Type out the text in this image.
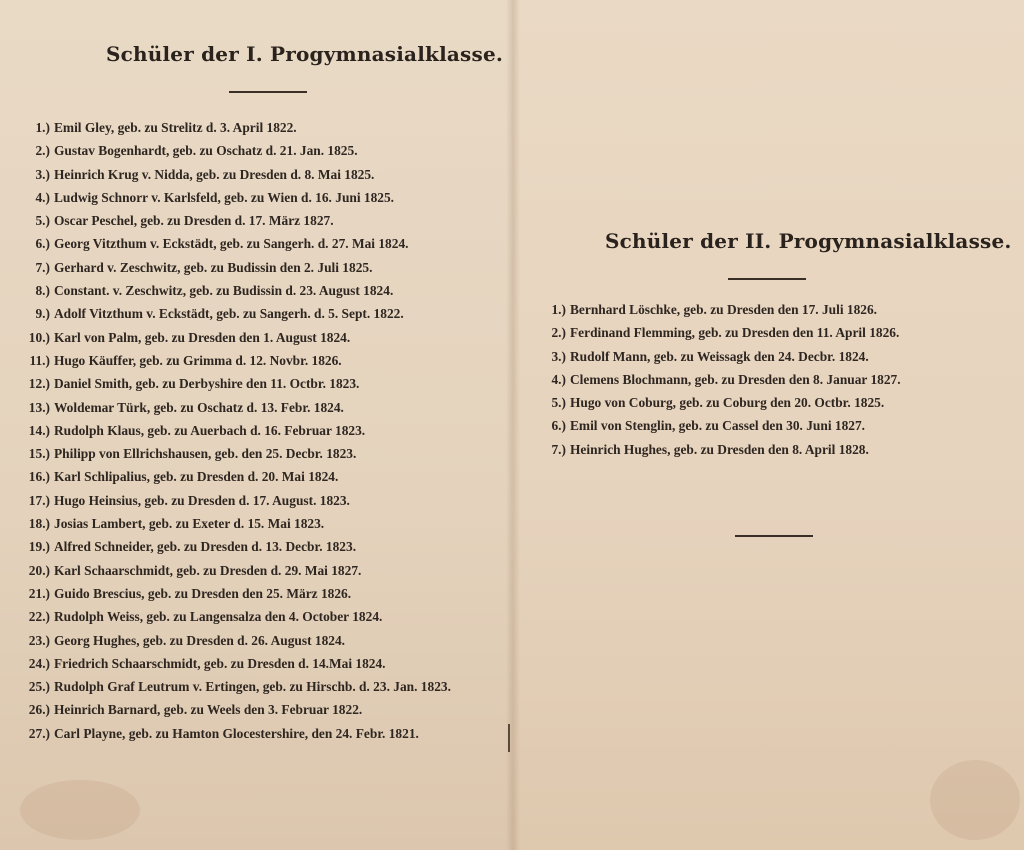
Schüler der I. Progymnasialklasse.
1.) Emil Gley, geb. zu Strelitz d. 3. April 1822.
2.) Gustav Bogenhardt, geb. zu Oschatz d. 21. Jan. 1825.
3.) Heinrich Krug v. Nidda, geb. zu Dresden d. 8. Mai 1825.
4.) Ludwig Schnorr v. Karlsfeld, geb. zu Wien d. 16. Juni 1825.
5.) Oscar Peschel, geb. zu Dresden d. 17. März 1827.
6.) Georg Vitzthum v. Eckstädt, geb. zu Sangerh. d. 27. Mai 1824.
7.) Gerhard v. Zeschwitz, geb. zu Budissin den 2. Juli 1825.
8.) Constant. v. Zeschwitz, geb. zu Budissin d. 23. August 1824.
9.) Adolf Vitzthum v. Eckstädt, geb. zu Sangerh. d. 5. Sept. 1822.
10.) Karl von Palm, geb. zu Dresden den 1. August 1824.
11.) Hugo Käuffer, geb. zu Grimma d. 12. Novbr. 1826.
12.) Daniel Smith, geb. zu Derbyshire den 11. Octbr. 1823.
13.) Woldemar Türk, geb. zu Oschatz d. 13. Febr. 1824.
14.) Rudolph Klaus, geb. zu Auerbach d. 16. Februar 1823.
15.) Philipp von Ellrichshausen, geb. den 25. Decbr. 1823.
16.) Karl Schlipalius, geb. zu Dresden d. 20. Mai 1824.
17.) Hugo Heinsius, geb. zu Dresden d. 17. August. 1823.
18.) Josias Lambert, geb. zu Exeter d. 15. Mai 1823.
19.) Alfred Schneider, geb. zu Dresden d. 13. Decbr. 1823.
20.) Karl Schaarschmidt, geb. zu Dresden d. 29. Mai 1827.
21.) Guido Brescius, geb. zu Dresden den 25. März 1826.
22.) Rudolph Weiss, geb. zu Langensalza den 4. October 1824.
23.) Georg Hughes, geb. zu Dresden d. 26. August 1824.
24.) Friedrich Schaarschmidt, geb. zu Dresden d. 14.Mai 1824.
25.) Rudolph Graf Leutrum v. Ertingen, geb. zu Hirschb. d. 23. Jan. 1823.
26.) Heinrich Barnard, geb. zu Weels den 3. Februar 1822.
27.) Carl Playne, geb. zu Hamton Glocestershire, den 24. Febr. 1821.
Schüler der II. Progymnasialklasse.
1.) Bernhard Löschke, geb. zu Dresden den 17. Juli 1826.
2.) Ferdinand Flemming, geb. zu Dresden den 11. April 1826.
3.) Rudolf Mann, geb. zu Weissagk den 24. Decbr. 1824.
4.) Clemens Blochmann, geb. zu Dresden den 8. Januar 1827.
5.) Hugo von Coburg, geb. zu Coburg den 20. Octbr. 1825.
6.) Emil von Stenglin, geb. zu Cassel den 30. Juni 1827.
7.) Heinrich Hughes, geb. zu Dresden den 8. April 1828.
